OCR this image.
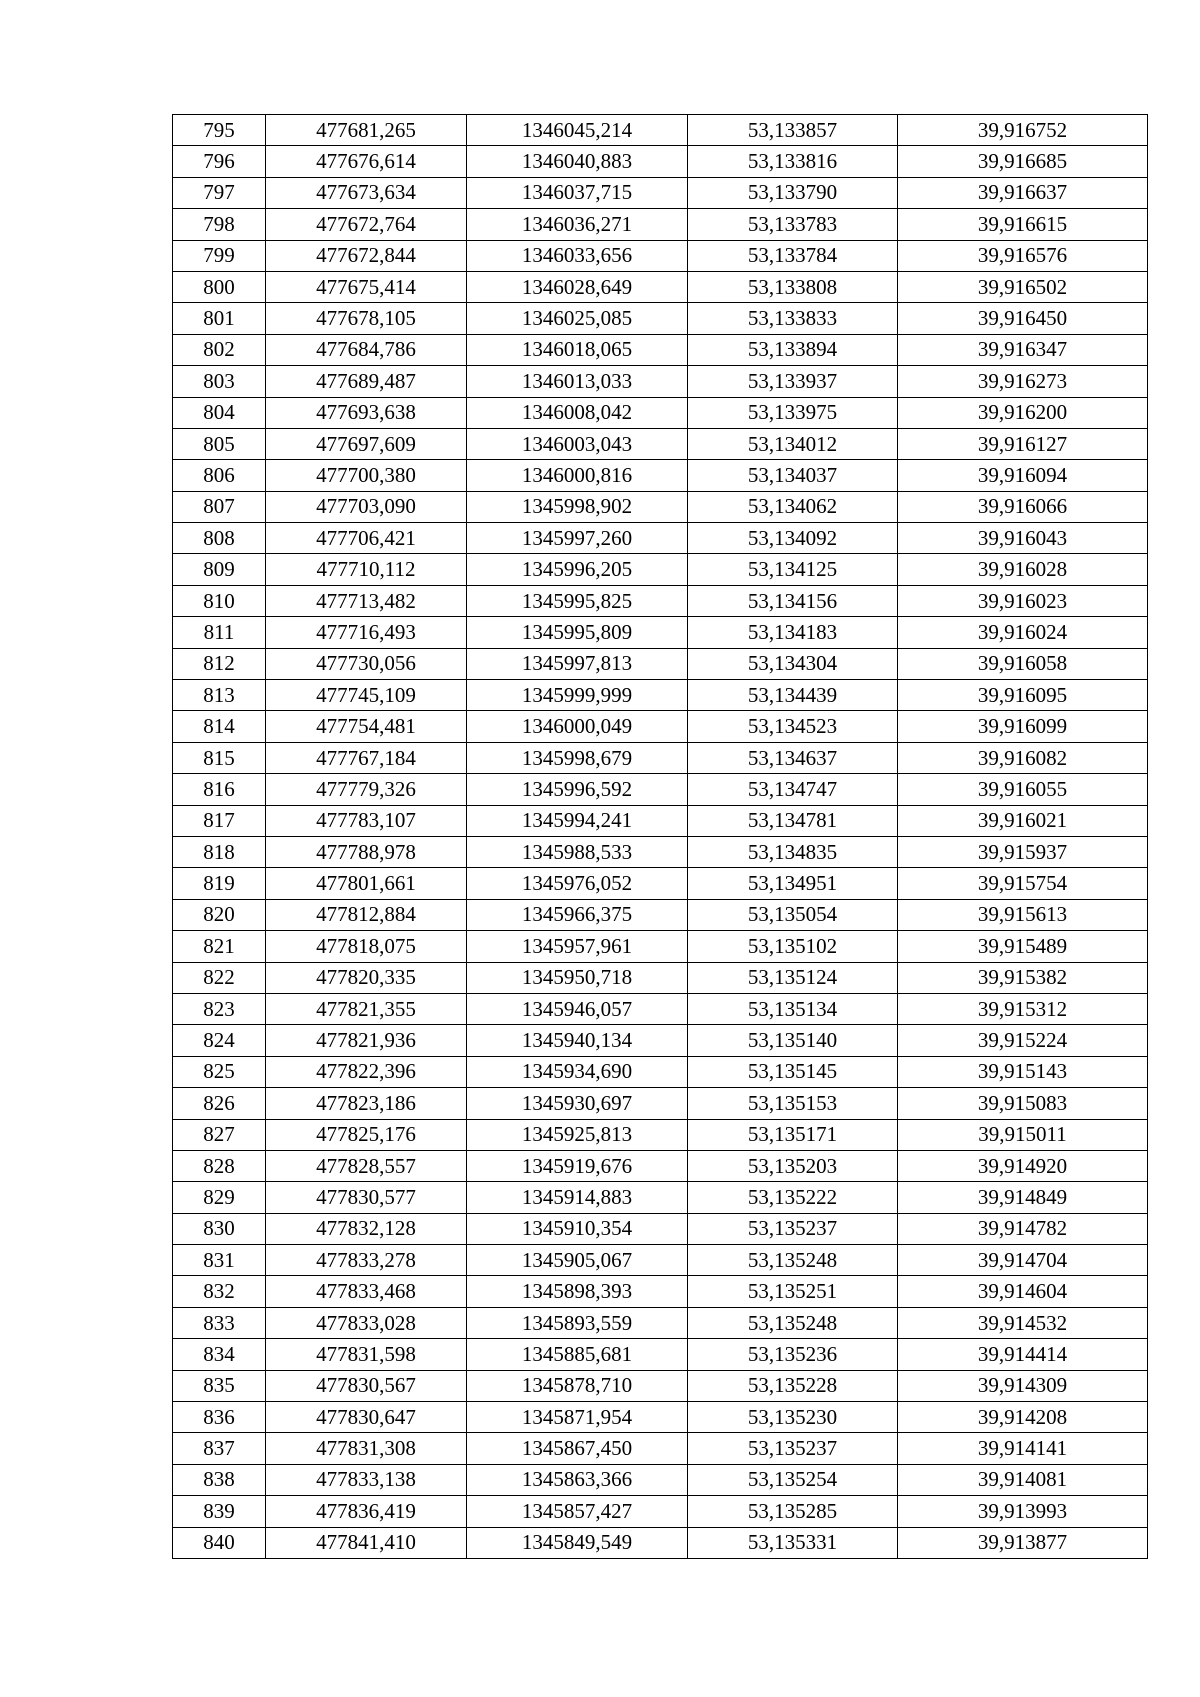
795	477681,265	1346045,214	53,133857	39,916752
796	477676,614	1346040,883	53,133816	39,916685
797	477673,634	1346037,715	53,133790	39,916637
798	477672,764	1346036,271	53,133783	39,916615
799	477672,844	1346033,656	53,133784	39,916576
800	477675,414	1346028,649	53,133808	39,916502
801	477678,105	1346025,085	53,133833	39,916450
802	477684,786	1346018,065	53,133894	39,916347
803	477689,487	1346013,033	53,133937	39,916273
804	477693,638	1346008,042	53,133975	39,916200
805	477697,609	1346003,043	53,134012	39,916127
806	477700,380	1346000,816	53,134037	39,916094
807	477703,090	1345998,902	53,134062	39,916066
808	477706,421	1345997,260	53,134092	39,916043
809	477710,112	1345996,205	53,134125	39,916028
810	477713,482	1345995,825	53,134156	39,916023
811	477716,493	1345995,809	53,134183	39,916024
812	477730,056	1345997,813	53,134304	39,916058
813	477745,109	1345999,999	53,134439	39,916095
814	477754,481	1346000,049	53,134523	39,916099
815	477767,184	1345998,679	53,134637	39,916082
816	477779,326	1345996,592	53,134747	39,916055
817	477783,107	1345994,241	53,134781	39,916021
818	477788,978	1345988,533	53,134835	39,915937
819	477801,661	1345976,052	53,134951	39,915754
820	477812,884	1345966,375	53,135054	39,915613
821	477818,075	1345957,961	53,135102	39,915489
822	477820,335	1345950,718	53,135124	39,915382
823	477821,355	1345946,057	53,135134	39,915312
824	477821,936	1345940,134	53,135140	39,915224
825	477822,396	1345934,690	53,135145	39,915143
826	477823,186	1345930,697	53,135153	39,915083
827	477825,176	1345925,813	53,135171	39,915011
828	477828,557	1345919,676	53,135203	39,914920
829	477830,577	1345914,883	53,135222	39,914849
830	477832,128	1345910,354	53,135237	39,914782
831	477833,278	1345905,067	53,135248	39,914704
832	477833,468	1345898,393	53,135251	39,914604
833	477833,028	1345893,559	53,135248	39,914532
834	477831,598	1345885,681	53,135236	39,914414
835	477830,567	1345878,710	53,135228	39,914309
836	477830,647	1345871,954	53,135230	39,914208
837	477831,308	1345867,450	53,135237	39,914141
838	477833,138	1345863,366	53,135254	39,914081
839	477836,419	1345857,427	53,135285	39,913993
840	477841,410	1345849,549	53,135331	39,913877
